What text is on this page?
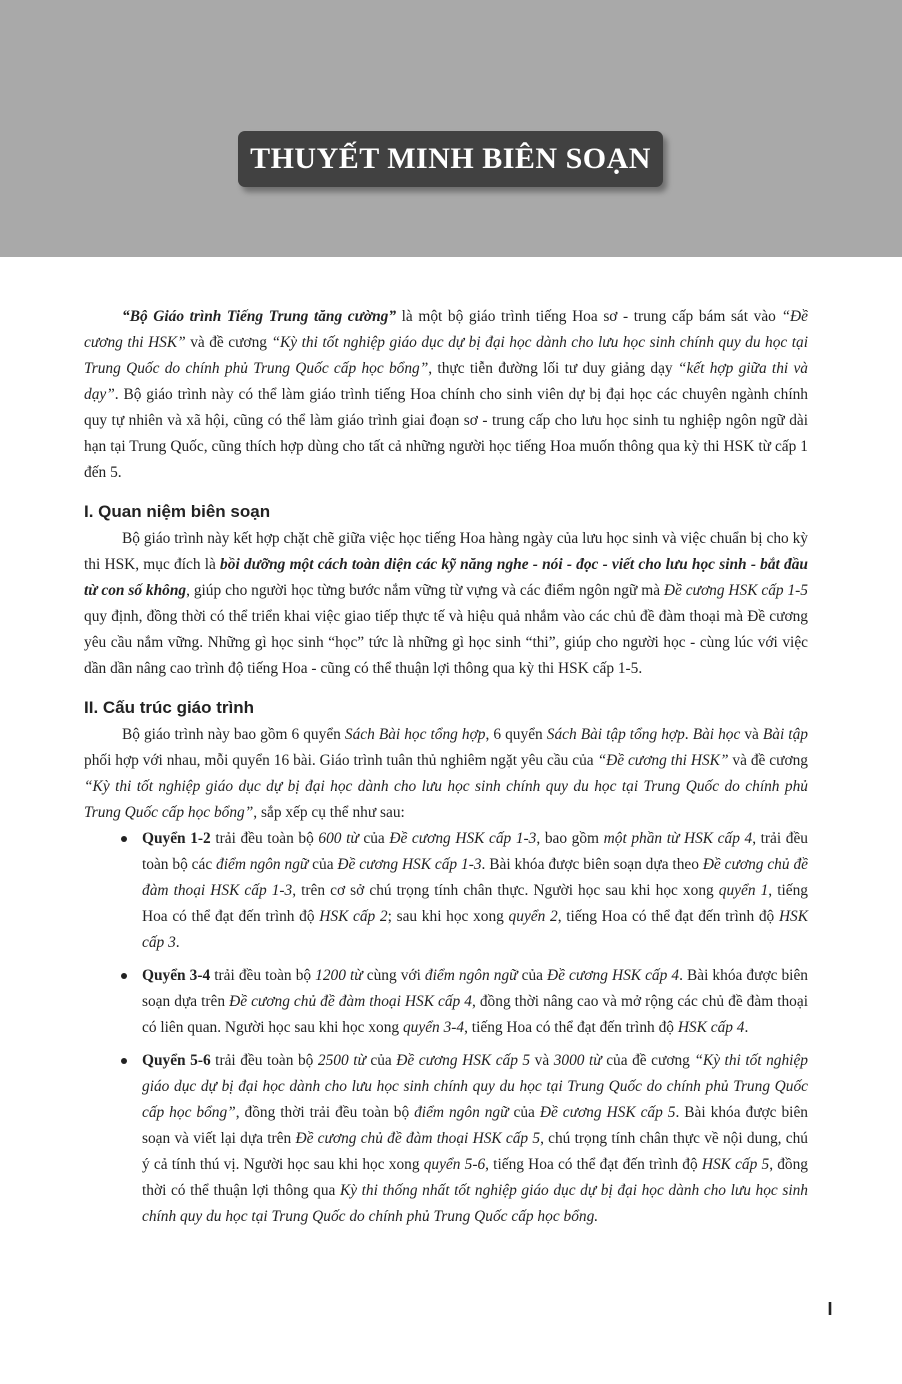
THUYẾT MINH BIÊN SOẠN

“Bộ Giáo trình Tiếng Trung tăng cường” là một bộ giáo trình tiếng Hoa sơ - trung cấp bám sát vào “Đề cương thi HSK” và đề cương “Kỳ thi tốt nghiệp giáo dục dự bị đại học dành cho lưu học sinh chính quy du học tại Trung Quốc do chính phủ Trung Quốc cấp học bổng”, thực tiễn đường lối tư duy giảng dạy “kết hợp giữa thi và dạy”. Bộ giáo trình này có thể làm giáo trình tiếng Hoa chính cho sinh viên dự bị đại học các chuyên ngành chính quy tự nhiên và xã hội, cũng có thể làm giáo trình giai đoạn sơ - trung cấp cho lưu học sinh tu nghiệp ngôn ngữ dài hạn tại Trung Quốc, cũng thích hợp dùng cho tất cả những người học tiếng Hoa muốn thông qua kỳ thi HSK từ cấp 1 đến 5.

I. Quan niệm biên soạn

Bộ giáo trình này kết hợp chặt chẽ giữa việc học tiếng Hoa hàng ngày của lưu học sinh và việc chuẩn bị cho kỳ thi HSK, mục đích là bồi dưỡng một cách toàn diện các kỹ năng nghe - nói - đọc - viết cho lưu học sinh - bắt đầu từ con số không, giúp cho người học từng bước nắm vững từ vựng và các điểm ngôn ngữ mà Đề cương HSK cấp 1-5 quy định, đồng thời có thể triển khai việc giao tiếp thực tế và hiệu quả nhắm vào các chủ đề đàm thoại mà Đề cương yêu cầu nắm vững. Những gì học sinh “học” tức là những gì học sinh “thi”, giúp cho người học - cùng lúc với việc dần dần nâng cao trình độ tiếng Hoa - cũng có thể thuận lợi thông qua kỳ thi HSK cấp 1-5.

II. Cấu trúc giáo trình

Bộ giáo trình này bao gồm 6 quyển Sách Bài học tổng hợp, 6 quyển Sách Bài tập tổng hợp. Bài học và Bài tập phối hợp với nhau, mỗi quyển 16 bài. Giáo trình tuân thủ nghiêm ngặt yêu cầu của “Đề cương thi HSK” và đề cương “Kỳ thi tốt nghiệp giáo dục dự bị đại học dành cho lưu học sinh chính quy du học tại Trung Quốc do chính phủ Trung Quốc cấp học bổng”, sắp xếp cụ thể như sau:

Quyển 1-2 trải đều toàn bộ 600 từ của Đề cương HSK cấp 1-3, bao gồm một phần từ HSK cấp 4, trải đều toàn bộ các điểm ngôn ngữ của Đề cương HSK cấp 1-3. Bài khóa được biên soạn dựa theo Đề cương chủ đề đàm thoại HSK cấp 1-3, trên cơ sở chú trọng tính chân thực. Người học sau khi học xong quyển 1, tiếng Hoa có thể đạt đến trình độ HSK cấp 2; sau khi học xong quyển 2, tiếng Hoa có thể đạt đến trình độ HSK cấp 3.
Quyển 3-4 trải đều toàn bộ 1200 từ cùng với điểm ngôn ngữ của Đề cương HSK cấp 4. Bài khóa được biên soạn dựa trên Đề cương chủ đề đàm thoại HSK cấp 4, đồng thời nâng cao và mở rộng các chủ đề đàm thoại có liên quan. Người học sau khi học xong quyển 3-4, tiếng Hoa có thể đạt đến trình độ HSK cấp 4.
Quyển 5-6 trải đều toàn bộ 2500 từ của Đề cương HSK cấp 5 và 3000 từ của đề cương “Kỳ thi tốt nghiệp giáo dục dự bị đại học dành cho lưu học sinh chính quy du học tại Trung Quốc do chính phủ Trung Quốc cấp học bổng”, đồng thời trải đều toàn bộ điểm ngôn ngữ của Đề cương HSK cấp 5. Bài khóa được biên soạn và viết lại dựa trên Đề cương chủ đề đàm thoại HSK cấp 5, chú trọng tính chân thực về nội dung, chú ý cả tính thú vị. Người học sau khi học xong quyển 5-6, tiếng Hoa có thể đạt đến trình độ HSK cấp 5, đồng thời có thể thuận lợi thông qua Kỳ thi thống nhất tốt nghiệp giáo dục dự bị đại học dành cho lưu học sinh chính quy du học tại Trung Quốc do chính phủ Trung Quốc cấp học bổng.
I
